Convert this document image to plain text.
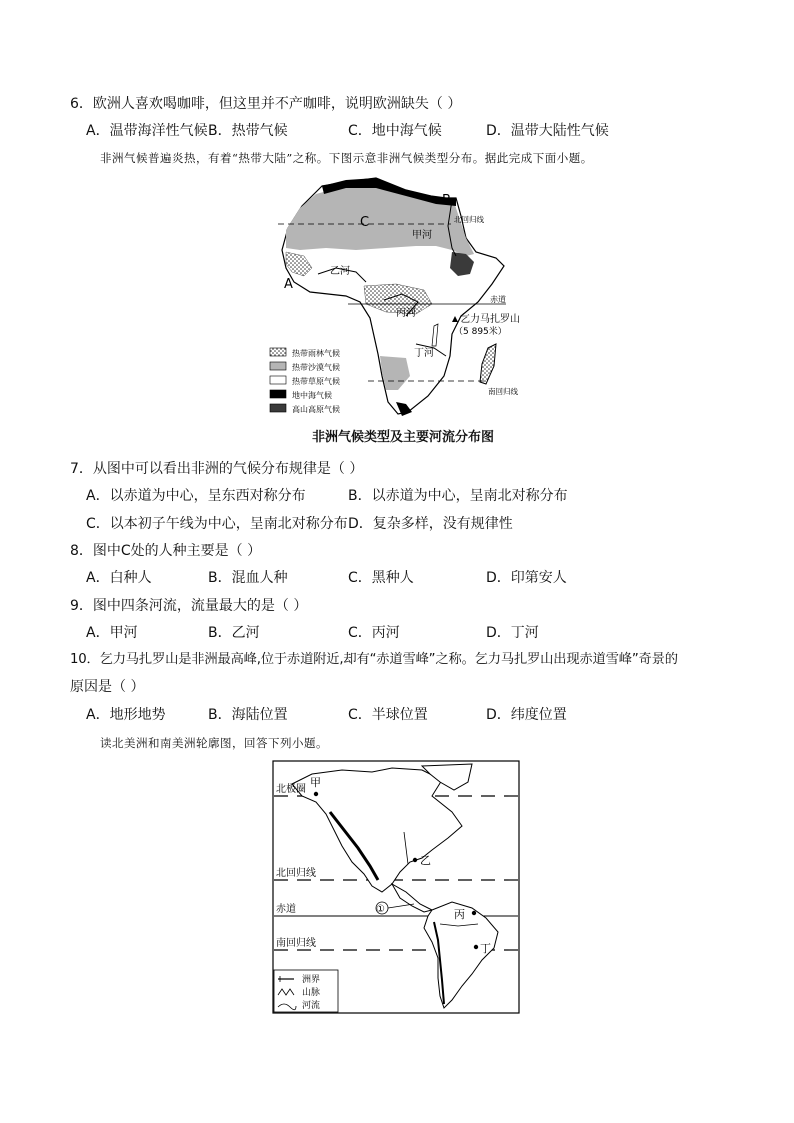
6．欧洲人喜欢喝咖啡，但这里并不产咖啡，说明欧洲缺失（ ）
A．温带海洋性气候 B．热带气候	C．地中海气候	D．温带大陆性气候
非洲气候普遍炎热，有着“热带大陆”之称。下图示意非洲气候类型分布。据此完成下面小题。
B
C	北回归线
甲河
乙河
A
赤道
丙河
乞力马扎罗山
（5 895米）
丁河
南回归线
热带雨林气候
热带沙漠气候
热带草原气候
地中海气候
高山高原气候
非洲气候类型及主要河流分布图
7．从图中可以看出非洲的气候分布规律是（ ）
A．以赤道为中心，呈东西对称分布	B．以赤道为中心，呈南北对称分布
C．以本初子午线为中心，呈南北对称分布 D．复杂多样，没有规律性
8．图中C处的人种主要是（ ）
A．白种人	B．混血人种	C．黑种人	D．印第安人
9．图中四条河流，流量最大的是（ ）
A．甲河	B．乙河	C．丙河	D．丁河
10．乞力马扎罗山是非洲最高峰,位于赤道附近,却有“赤道雪峰”之称。乞力马扎罗山出现赤道雪峰”奇景的
原因是（ ）
A．地形地势	B．海陆位置	C．半球位置	D．纬度位置
读北美洲和南美洲轮廓图，回答下列小题。
甲
北极圈
乙
北回归线
①	丙
赤道
丁
南回归线
洲界
山脉
河流
